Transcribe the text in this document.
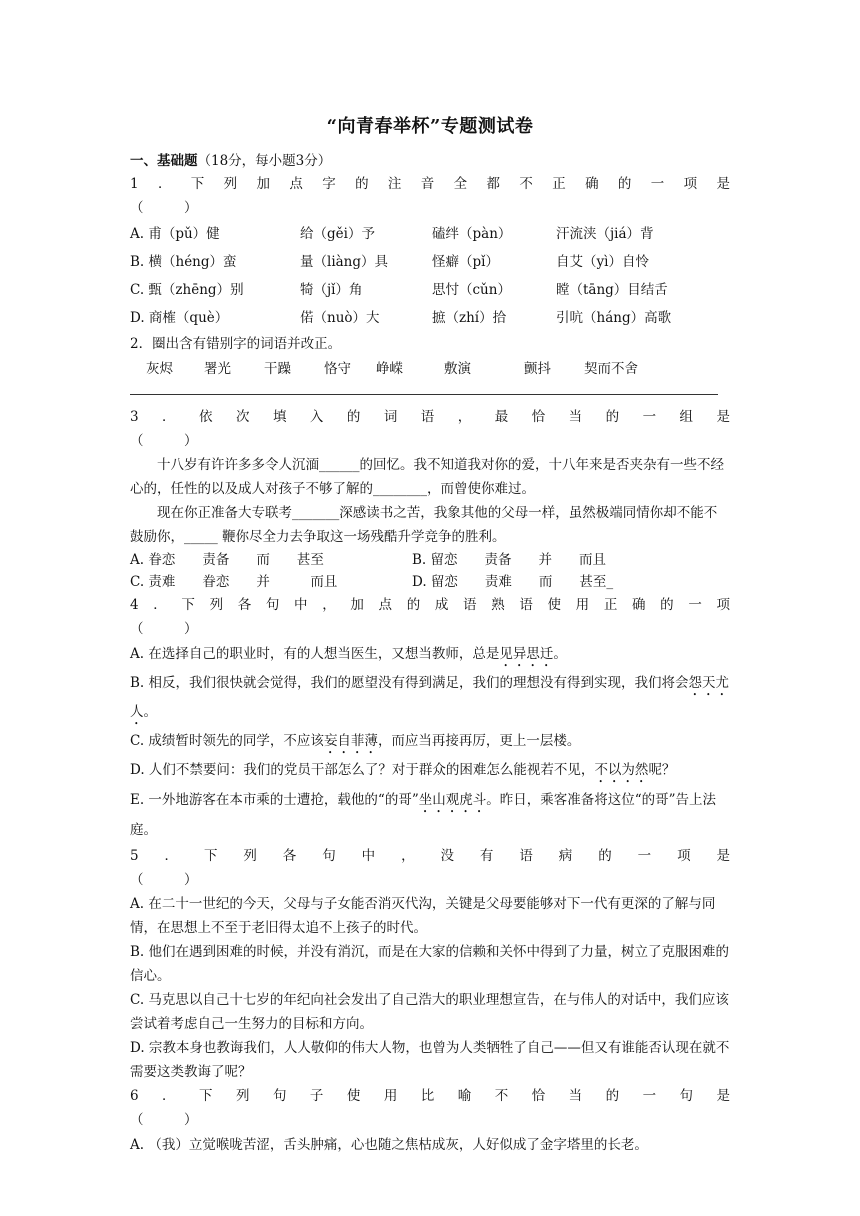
“向青春举杯”专题测试卷
一、基础题（18分，每小题3分）
1．下列加点字的注音全都不正确的一项是
（　　　）
A. 甫（pǔ）健	给（gěi）予	磕绊（pàn）	汗流浃（jiá）背
B. 横（héng）蛮	量（liàng）具	怪癖（pǐ）	自艾（yì）自怜
C. 甄（zhēng）别	犄（jǐ）角	思忖（cǔn）	瞠（tāng）目结舌
D. 商榷（què）	偌（nuò）大	摭（zhí）拾	引吭（háng）高歌
2．圈出含有错别字的词语并改正。
灰烬	署光	干躁	恪守	峥嵘	敷演	颤抖	契而不舍
3．依次填入的词语，最恰当的一组是
（　　　）

十八岁有许许多多令人沉湎______的回忆。我不知道我对你的爱，十八年来是否夹杂有一些不经心的，任性的以及成人对孩子不够了解的________，而曾使你难过。

现在你正准备大专联考_______深感读书之苦，我象其他的父母一样，虽然极端同情你却不能不鼓励你，_____ 鞭你尽全力去争取这一场残酷升学竞争的胜利。

A. 眷恋　　责备　　而　　甚至	B. 留恋　　责备　　并　　而且
C. 责难　　眷恋　　并　　　而且	D. 留恋　　责难　　而　　甚至_
4．下列各句中，加点的成语熟语使用正确的一项
（　　　）

A. 在选择自己的职业时，有的人想当医生，又想当教师，总是见异思迁。

B. 相反，我们很快就会觉得，我们的愿望没有得到满足，我们的理想没有得到实现，我们将会怨天尤人。

C. 成绩暂时领先的同学，不应该妄自菲薄，而应当再接再厉，更上一层楼。

D. 人们不禁要问：我们的党员干部怎么了？对于群众的困难怎么能视若不见，不以为然呢？

E. 一外地游客在本市乘的士遭抢，载他的“的哥”坐山观虎斗。昨日，乘客准备将这位“的哥”告上法庭。

5．下列各句中，没有语病的一项是
（　　　）

A. 在二十一世纪的今天，父母与子女能否消灭代沟，关键是父母要能够对下一代有更深的了解与同情，在思想上不至于老旧得太追不上孩子的时代。

B. 他们在遇到困难的时候，并没有消沉，而是在大家的信赖和关怀中得到了力量，树立了克服困难的信心。

C. 马克思以自己十七岁的年纪向社会发出了自己浩大的职业理想宣告，在与伟人的对话中，我们应该尝试着考虑自己一生努力的目标和方向。

D. 宗教本身也教诲我们，人人敬仰的伟大人物，也曾为人类牺牲了自己——但又有谁能否认现在就不需要这类教诲了呢？

6．下列句子使用比喻不恰当的一句是
（　　　）

A. （我）立觉喉咙苦涩，舌头肿痛，心也随之焦枯成灰，人好似成了金字塔里的长老。
